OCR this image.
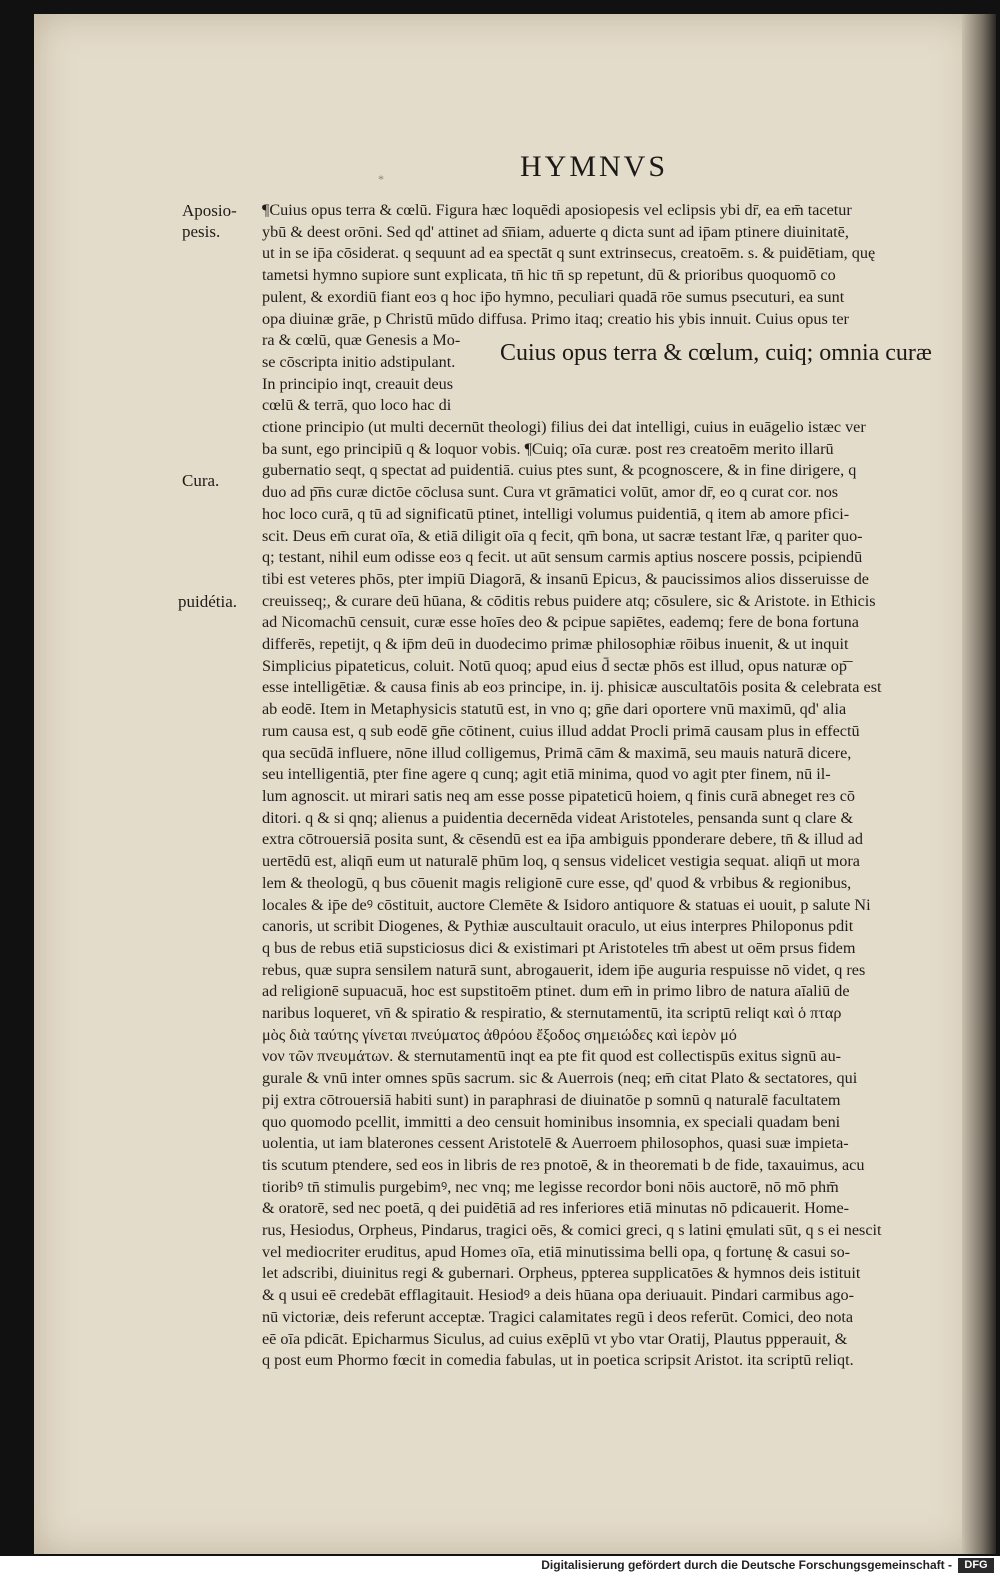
*	HYMNVS
Aposio-
pesis.
Cura.
puidétia.
¶Cuius opus terra & cœlū. Figura hæc loquēdi aposiopesis vel eclipsis ybi dr̄, ea em̄ tacetur
ybū & deest orōni. Sed qd' attinet ad s͞niam, aduerte q dicta sunt ad ip̄am ptinere diuinitatē,
ut in se ip̄a cōsiderat. q sequunt ad ea spectāt q sunt extrinsecus, creatoēm. s. & puidētiam, quę
tametsi hymno supiore sunt explicata, tn̄ hic tn̄ sp repetunt, dū & prioribus quoquomō co
pulent, & exordiū fiant eoɜ q hoc ip̄o hymno, peculiari quadā rōe sumus psecuturi, ea sunt
opa diuinæ grāe, p Christū mūdo diffusa. Primo itaq; creatio his ybis innuit. Cuius opus ter
ra & cœlū, quæ Genesis a Mo-
se cōscripta initio adstipulant.
In principio inqt, creauit deus
cœlū & terrā, quo loco hac di
ctione principio (ut multi decernūt theologi) filius dei dat intelligi, cuius in euāgelio istæc ver
ba sunt, ego principiū q & loquor vobis. ¶Cuiq; oīa curæ. post reɜ creatoēm merito illarū
gubernatio seqt, q spectat ad puidentiā. cuius ptes sunt, & pcognoscere, & in fine dirigere, q
duo ad p͞ns curæ dictōe cōclusa sunt. Cura vt grāmatici volūt, amor dr̄, eo q curat cor. nos
hoc loco curā, q tū ad significatū ptinet, intelligi volumus puidentiā, q item ab amore pfici-
scit. Deus em̄ curat oīa, & etiā diligit oīa q fecit, qm̄ bona, ut sacræ testant lr̄æ, q pariter quo-
q; testant, nihil eum odisse eoɜ q fecit. ut aūt sensum carmis aptius noscere possis, pcipiendū
tibi est veteres phōs, pter impiū Diagorā, & insanū Epicuɜ, & paucissimos alios disseruisse de
creuisseq;, & curare deū hūana, & cōditis rebus puidere atq; cōsulere, sic & Aristote. in Ethicis
ad Nicomachū censuit, curæ esse hoīes deo & pcipue sapiētes, eademq; fere de bona fortuna
differēs, repetijt, q & ip̄m deū in duodecimo primæ philosophiæ rōibus inuenit, & ut inquit
Simplicius pipateticus, coluit. Notū quoq; apud eius d̄ sectæ phōs est illud, opus naturæ op͞
esse intelligētiæ. & causa finis ab eoɜ principe, in. ij. phisicæ auscultatōis posita & celebrata est
ab eodē. Item in Metaphysicis statutū est, in vno q; gn̄e dari oportere vnū maximū, qd' alia
rum causa est, q sub eodē gn̄e cōtinent, cuius illud addat Procli primā causam plus in effectū
qua secūdā influere, nōne illud colligemus, Primā cām & maximā, seu mauis naturā dicere,
seu intelligentiā, pter fine agere q cunq; agit etiā minima, quod vo agit pter finem, nū il-
lum agnoscit. ut mirari satis neq am esse posse pipateticū hoiem, q finis curā abneget reɜ cō
ditori. q & si qnq; alienus a puidentia decernēda videat Aristoteles, pensanda sunt q clare &
extra cōtrouersiā posita sunt, & cēsendū est ea ip̄a ambiguis pponderare debere, tn̄ & illud ad
uertēdū est, aliqn̄ eum ut naturalē phūm loq, q sensus videlicet vestigia sequat. aliqn̄ ut mora
lem & theologū, q bus cōuenit magis religionē cure esse, qd' quod & vrbibus & regionibus,
locales & ip̄e deꝰ cōstituit, auctore Clemēte & Isidoro antiquore & statuas ei uouit, p salute Ni
canoris, ut scribit Diogenes, & Pythiæ auscultauit oraculo, ut eius interpres Philoponus pdit
q bus de rebus etiā supsticiosus dici & existimari pt Aristoteles tm̄ abest ut oēm prsus fidem
rebus, quæ supra sensilem naturā sunt, abrogauerit, idem ip̄e auguria respuisse nō videt, q res
ad religionē supuacuā, hoc est supstitoēm ptinet. dum em̄ in primo libro de natura aīaliū de
naribus loqueret, vn̄ & spiratio & respiratio, & sternutamentū, ita scriptū reliqt καὶ ὁ πταρ
μὸς διὰ ταύτης γίνεται πνεύματος ἀθρόου ἔξοδος σημειώδες καὶ ἱερὸν μό
νον τῶν πνευμάτων. & sternutamentū inqt ea pte fit quod est collectispūs exitus signū au-
gurale & vnū inter omnes spūs sacrum. sic & Auerrois (neq; em̄ citat Plato & sectatores, qui
pij extra cōtrouersiā habiti sunt) in paraphrasi de diuinatōe p somnū q naturalē facultatem
quo quomodo pcellit, immitti a deo censuit hominibus insomnia, ex speciali quadam beni
uolentia, ut iam blaterones cessent Aristotelē & Auerroem philosophos, quasi suæ impieta-
tis scutum ptendere, sed eos in libris de reɜ pnotoē, & in theoremati b de fide, taxauimus, acu
tioribꝰ tn̄ stimulis purgebimꝰ, nec vnq; me legisse recordor boni nōis auctorē, nō mō phm̄
& oratorē, sed nec poetā, q dei puidētiā ad res inferiores etiā minutas nō pdicauerit. Home-
rus, Hesiodus, Orpheus, Pindarus, tragici oēs, & comici greci, q s latini ęmulati sūt, q s ei nescit
vel mediocriter eruditus, apud Homeɜ oīa, etiā minutissima belli opa, q fortunę & casui so-
let adscribi, diuinitus regi & gubernari. Orpheus, ppterea supplicatōes & hymnos deis istituit
& q usui eē credebāt efflagitauit. Hesiodꝰ a deis hūana opa deriuauit. Pindari carmibus ago-
nū victoriæ, deis referunt acceptæ. Tragici calamitates regū i deos referūt. Comici, deo nota
eē oīa pdicāt. Epicharmus Siculus, ad cuius exēplū vt ybo vtar Oratij, Plautus ppperauit, &
q post eum Phormo fœcit in comedia fabulas, ut in poetica scripsit Aristot. ita scriptū reliqt.
Cuius opus terra & cœlum, cuiq; omnia curæ
Digitalisierung gefördert durch die Deutsche Forschungsgemeinschaft -	DFG
